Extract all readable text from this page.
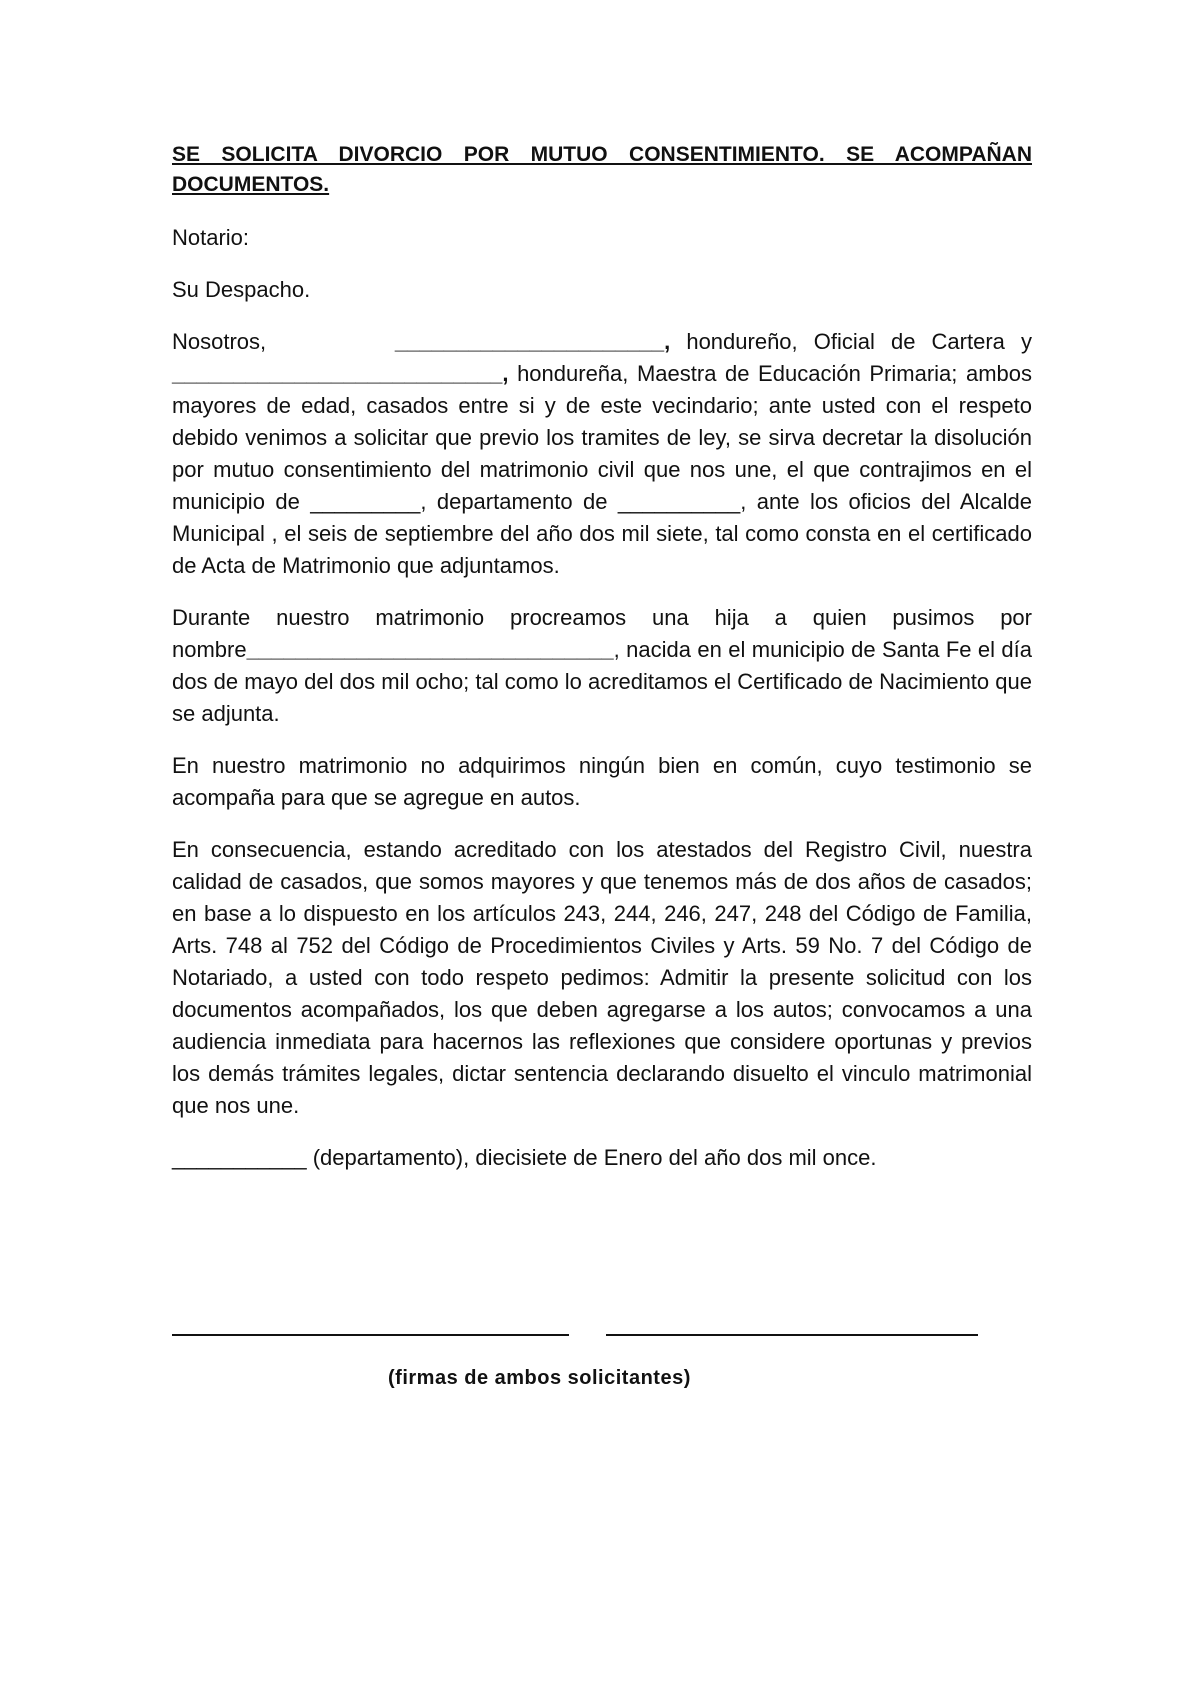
SE SOLICITA DIVORCIO POR MUTUO CONSENTIMIENTO. SE ACOMPAÑAN DOCUMENTOS.

Notario:

Su Despacho.

Nosotros,	______________________, hondureño, Oficial de Cartera y ___________________________, hondureña, Maestra de Educación Primaria; ambos mayores de edad, casados entre si y de este vecindario; ante usted con el respeto debido venimos a solicitar que previo los tramites de ley, se sirva decretar la disolución por mutuo consentimiento del matrimonio civil que nos une, el que contrajimos en el municipio de _________, departamento de __________, ante los oficios del Alcalde Municipal , el seis de septiembre del año dos mil siete, tal como consta en el certificado de Acta de Matrimonio que adjuntamos.

Durante nuestro matrimonio procreamos una hija a quien pusimos por nombre______________________________, nacida en el municipio de Santa Fe el día dos de mayo del dos mil ocho; tal como lo acreditamos el Certificado de Nacimiento que se adjunta.

En nuestro matrimonio no adquirimos ningún bien en común, cuyo testimonio se acompaña para que se agregue en autos.

En consecuencia, estando acreditado con los atestados del Registro Civil, nuestra calidad de casados, que somos mayores y que tenemos más de dos años de casados; en base a lo dispuesto en los artículos 243, 244, 246, 247, 248 del Código de Familia, Arts. 748 al 752 del Código de Procedimientos Civiles y Arts. 59 No. 7 del Código de Notariado, a usted con todo respeto pedimos: Admitir la presente solicitud con los documentos acompañados, los que deben agregarse a los autos; convocamos a una audiencia inmediata para hacernos las reflexiones que considere oportunas y previos los demás trámites legales, dictar sentencia declarando disuelto el vinculo matrimonial que nos une.

___________ (departamento), diecisiete de Enero del año dos mil once.

(firmas de ambos solicitantes)
